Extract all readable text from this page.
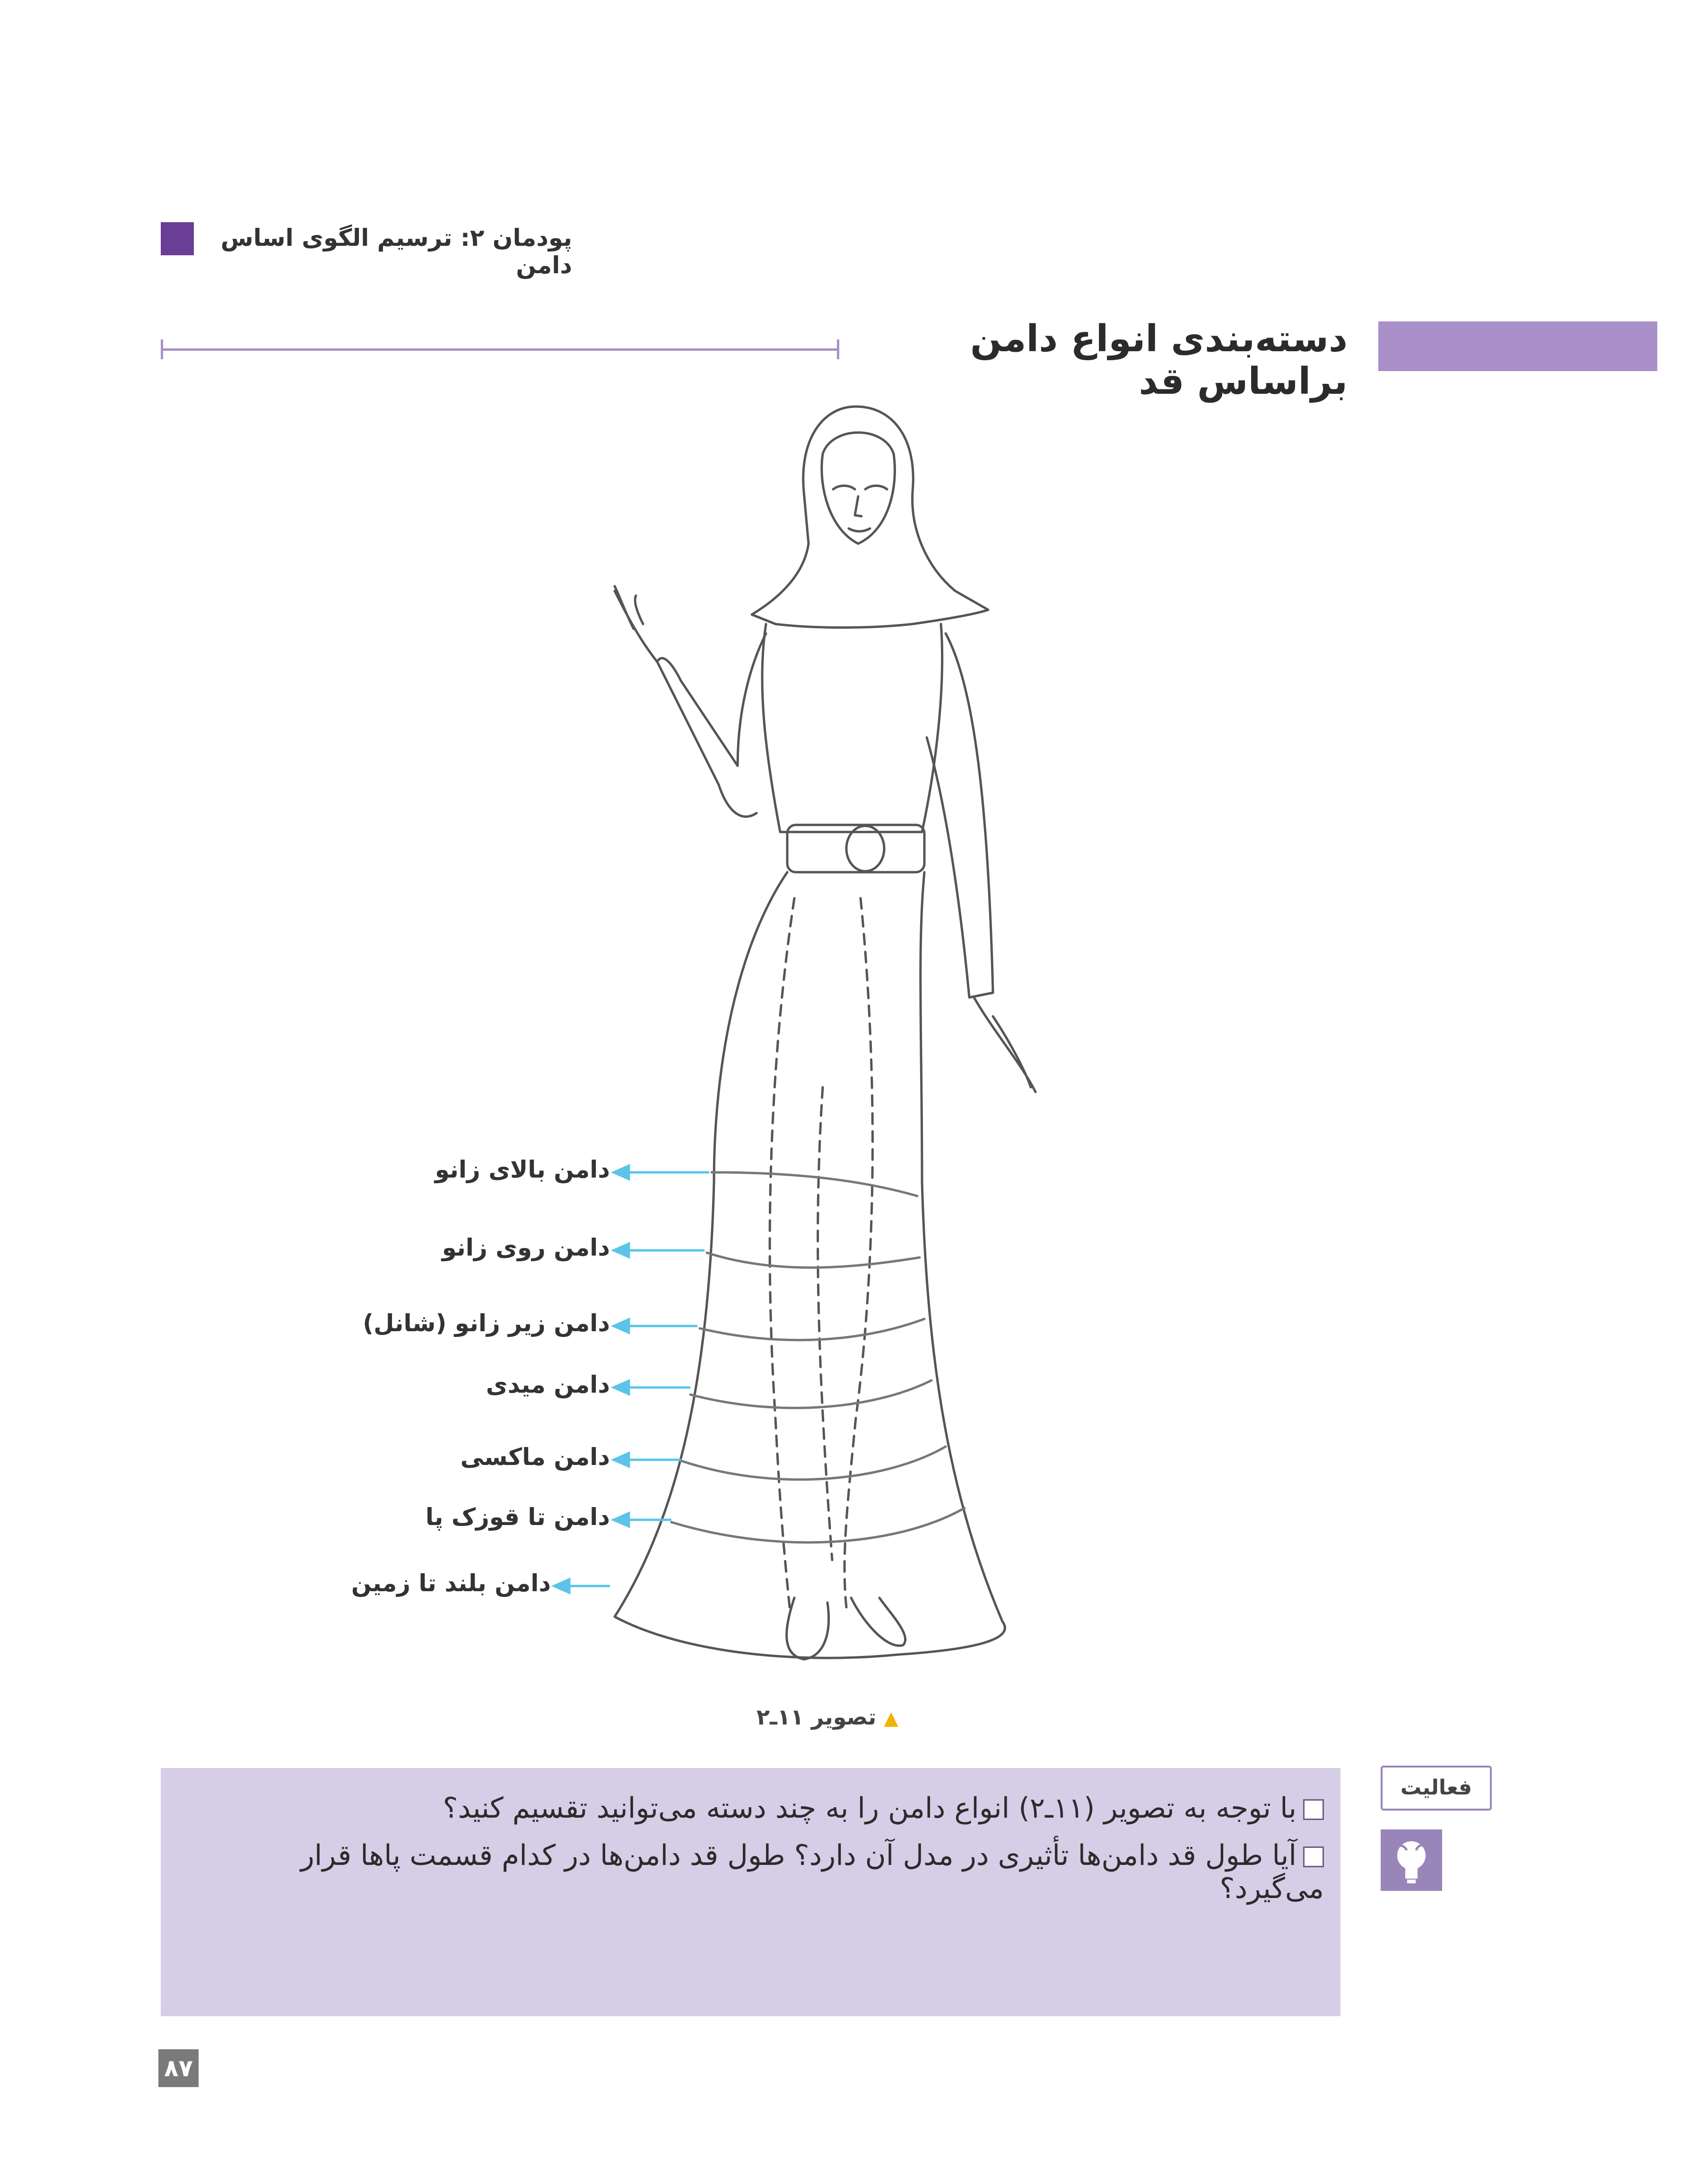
پودمان ۲: ترسیم الگوی اساس دامن
دسته‌بندی انواع دامن براساس قد
دامن بالای زانو
دامن روی زانو
دامن زیر زانو (شانل)
دامن میدی
دامن ماکسی
دامن تا قوزک پا
دامن بلند تا زمین
▲ تصویر ۱۱ـ۲
با توجه به تصویر (۱۱ـ۲) انواع دامن را به چند دسته می‌توانید تقسیم کنید؟
آیا طول قد دامن‌ها تأثیری در مدل آن دارد؟ طول قد دامن‌ها در کدام قسمت پاها قرار می‌گیرد؟
فعالیت
۸۷
